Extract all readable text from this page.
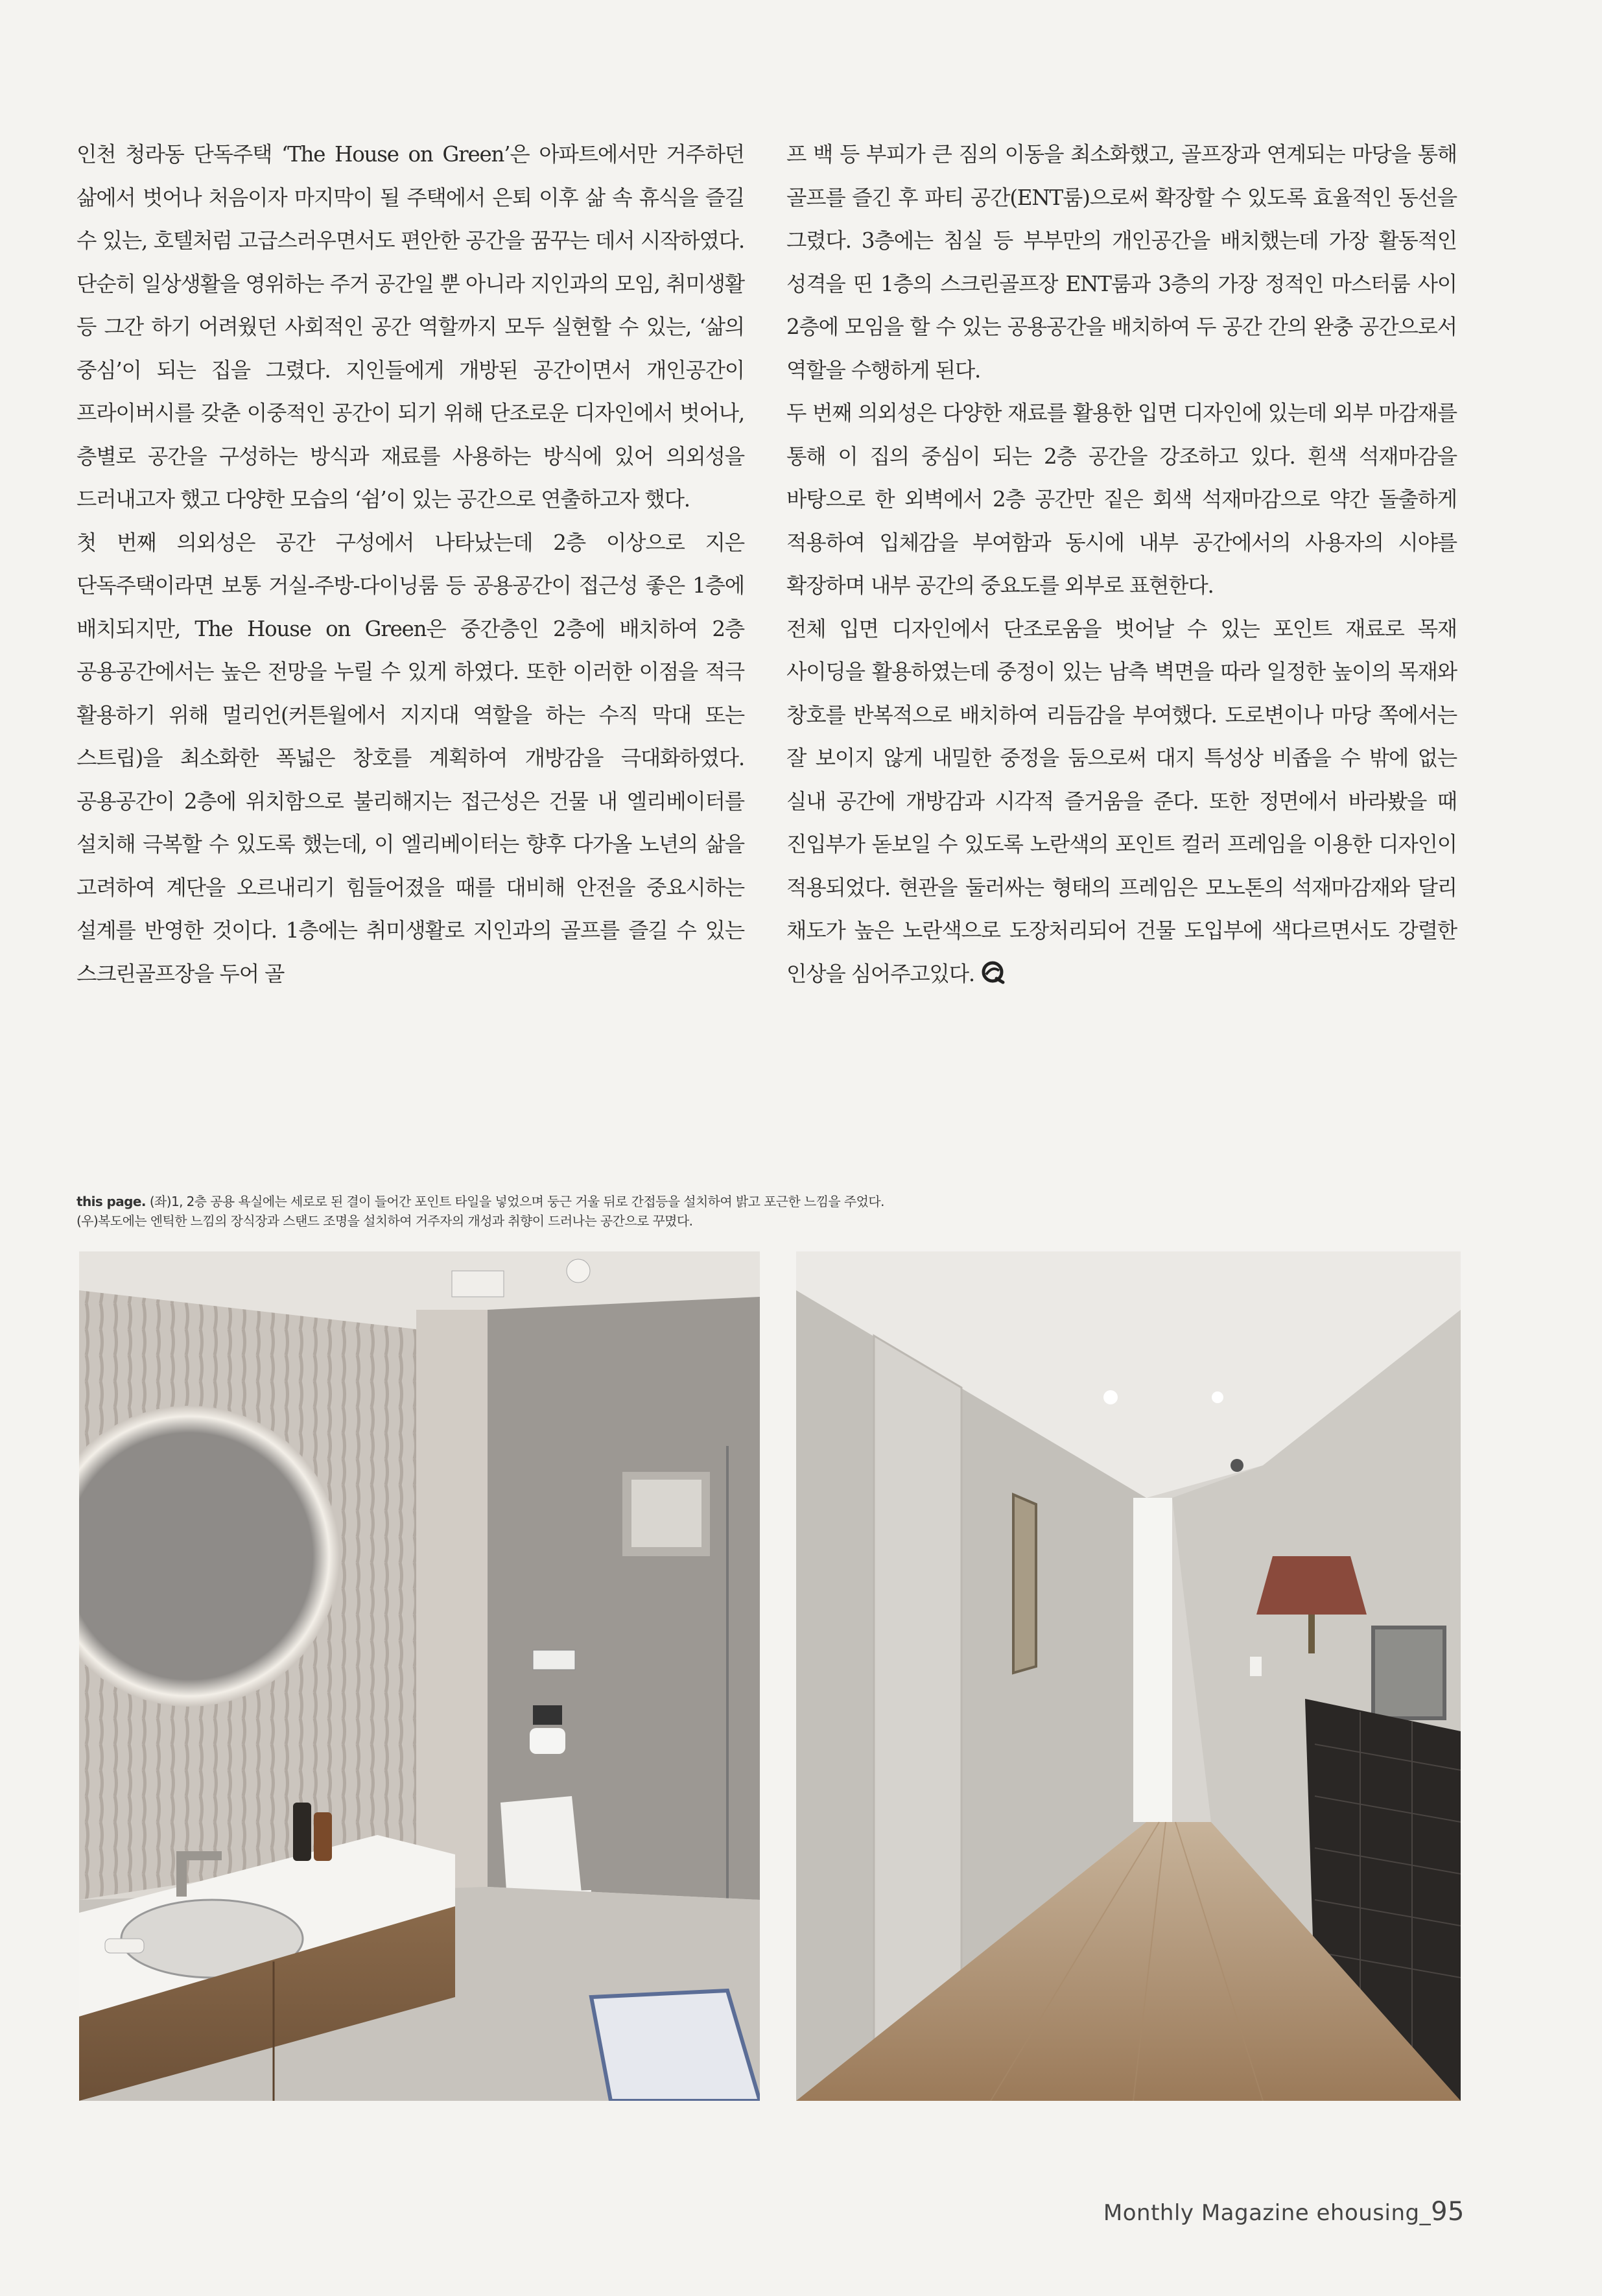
인천 청라동 단독주택 ‘The House on Green’은 아파트에서만 거주하던 삶에서 벗어나 처음이자 마지막이 될 주택에서 은퇴 이후 삶 속 휴식을 즐길 수 있는, 호텔처럼 고급스러우면서도 편안한 공간을 꿈꾸는 데서 시작하였다. 단순히 일상생활을 영위하는 주거 공간일 뿐 아니라 지인과의 모임, 취미생활 등 그간 하기 어려웠던 사회적인 공간 역할까지 모두 실현할 수 있는, ‘삶의 중심’이 되는 집을 그렸다. 지인들에게 개방된 공간이면서 개인공간이 프라이버시를 갖춘 이중적인 공간이 되기 위해 단조로운 디자인에서 벗어나, 층별로 공간을 구성하는 방식과 재료를 사용하는 방식에 있어 의외성을 드러내고자 했고 다양한 모습의 ‘쉼’이 있는 공간으로 연출하고자 했다.

첫 번째 의외성은 공간 구성에서 나타났는데 2층 이상으로 지은 단독주택이라면 보통 거실-주방-다이닝룸 등 공용공간이 접근성 좋은 1층에 배치되지만, The House on Green은 중간층인 2층에 배치하여 2층 공용공간에서는 높은 전망을 누릴 수 있게 하였다. 또한 이러한 이점을 적극 활용하기 위해 멀리언(커튼월에서 지지대 역할을 하는 수직 막대 또는 스트립)을 최소화한 폭넓은 창호를 계획하여 개방감을 극대화하였다. 공용공간이 2층에 위치함으로 불리해지는 접근성은 건물 내 엘리베이터를 설치해 극복할 수 있도록 했는데, 이 엘리베이터는 향후 다가올 노년의 삶을 고려하여 계단을 오르내리기 힘들어졌을 때를 대비해 안전을 중요시하는 설계를 반영한 것이다. 1층에는 취미생활로 지인과의 골프를 즐길 수 있는 스크린골프장을 두어 골

프 백 등 부피가 큰 짐의 이동을 최소화했고, 골프장과 연계되는 마당을 통해 골프를 즐긴 후 파티 공간(ENT룸)으로써 확장할 수 있도록 효율적인 동선을 그렸다. 3층에는 침실 등 부부만의 개인공간을 배치했는데 가장 활동적인 성격을 띤 1층의 스크린골프장 ENT룸과 3층의 가장 정적인 마스터룸 사이 2층에 모임을 할 수 있는 공용공간을 배치하여 두 공간 간의 완충 공간으로서 역할을 수행하게 된다.

두 번째 의외성은 다양한 재료를 활용한 입면 디자인에 있는데 외부 마감재를 통해 이 집의 중심이 되는 2층 공간을 강조하고 있다. 흰색 석재마감을 바탕으로 한 외벽에서 2층 공간만 짙은 회색 석재마감으로 약간 돌출하게 적용하여 입체감을 부여함과 동시에 내부 공간에서의 사용자의 시야를 확장하며 내부 공간의 중요도를 외부로 표현한다.

전체 입면 디자인에서 단조로움을 벗어날 수 있는 포인트 재료로 목재 사이딩을 활용하였는데 중정이 있는 남측 벽면을 따라 일정한 높이의 목재와 창호를 반복적으로 배치하여 리듬감을 부여했다. 도로변이나 마당 쪽에서는 잘 보이지 않게 내밀한 중정을 둠으로써 대지 특성상 비좁을 수 밖에 없는 실내 공간에 개방감과 시각적 즐거움을 준다. 또한 정면에서 바라봤을 때 진입부가 돋보일 수 있도록 노란색의 포인트 컬러 프레임을 이용한 디자인이 적용되었다. 현관을 둘러싸는 형태의 프레임은 모노톤의 석재마감재와 달리 채도가 높은 노란색으로 도장처리되어 건물 도입부에 색다르면서도 강렬한 인상을 심어주고있다.

this page. (좌)1, 2층 공용 욕실에는 세로로 된 결이 들어간 포인트 타일을 넣었으며 둥근 거울 뒤로 간접등을 설치하여 밝고 포근한 느낌을 주었다.

(우)복도에는 엔틱한 느낌의 장식장과 스탠드 조명을 설치하여 거주자의 개성과 취향이 드러나는 공간으로 꾸몄다.

Monthly Magazine ehousing_95
